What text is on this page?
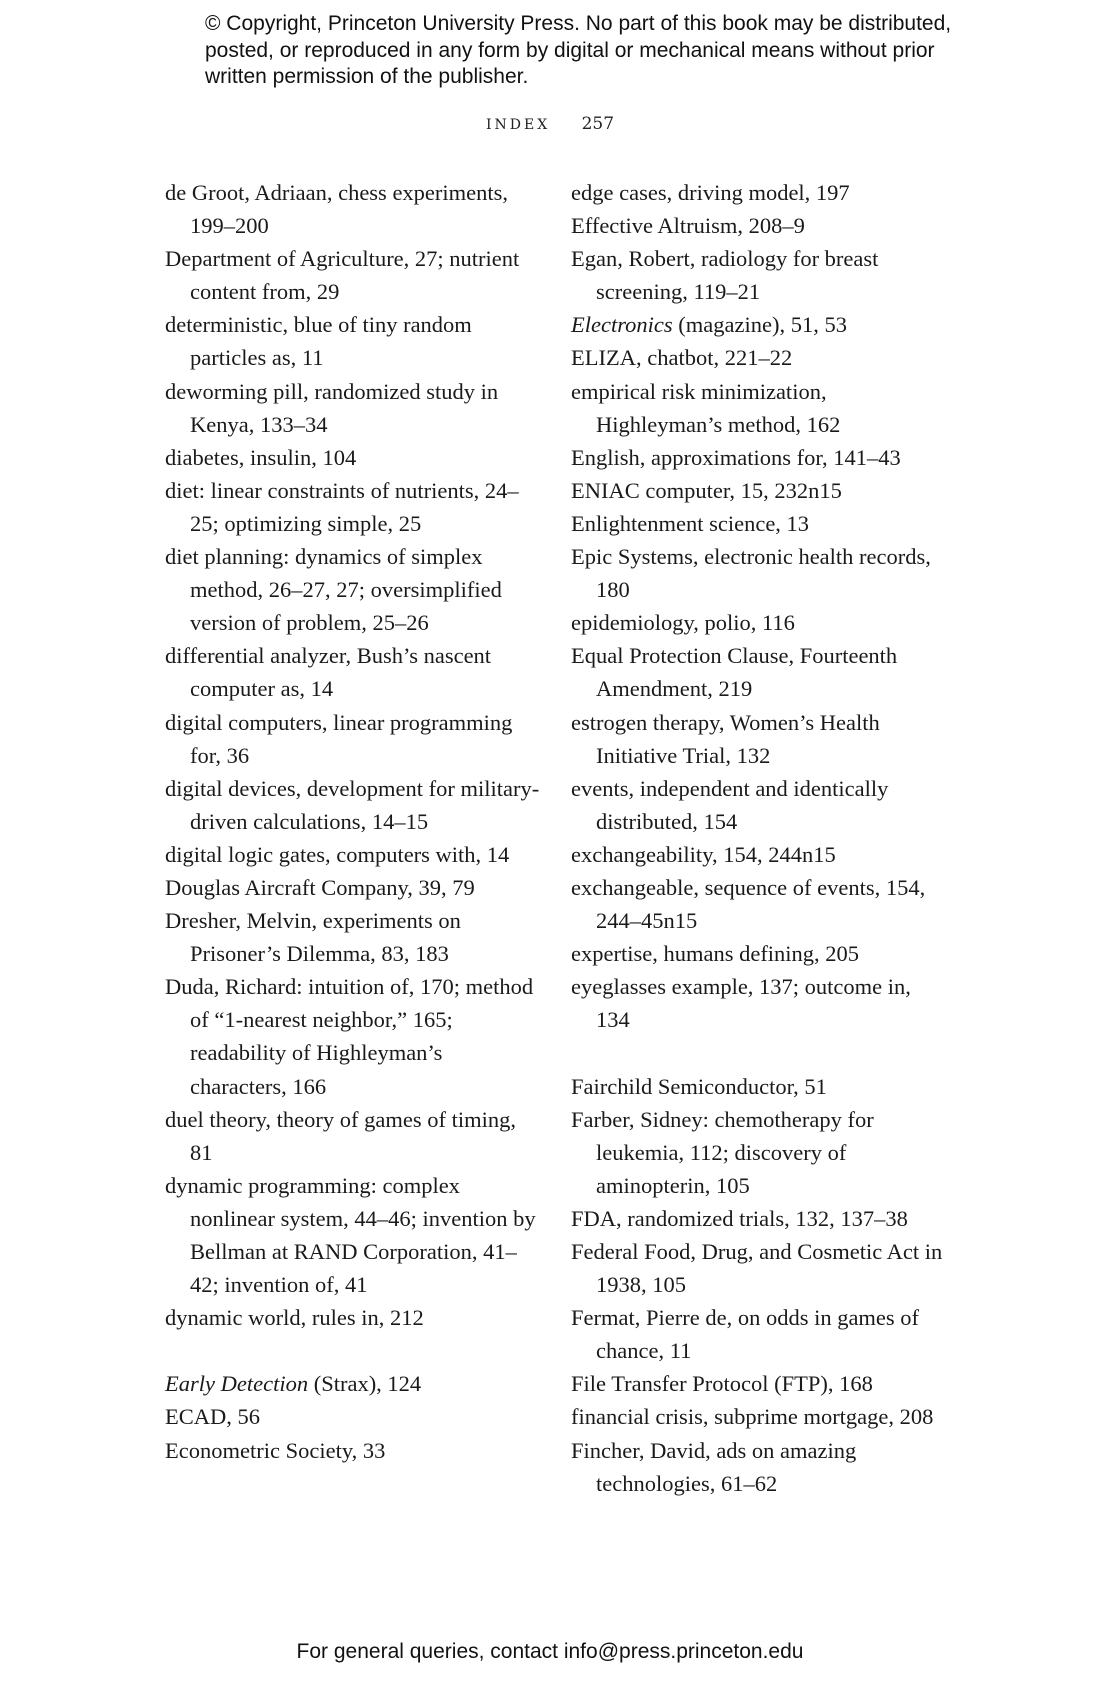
© Copyright, Princeton University Press. No part of this book may be distributed, posted, or reproduced in any form by digital or mechanical means without prior written permission of the publisher.
INDEX 257

de Groot, Adriaan, chess experiments, 199–200

Department of Agriculture, 27; nutrient content from, 29

deterministic, blue of tiny random particles as, 11

deworming pill, randomized study in Kenya, 133–34

diabetes, insulin, 104

diet: linear constraints of nutrients, 24–25; optimizing simple, 25

diet planning: dynamics of simplex method, 26–27, 27; oversimplified version of problem, 25–26

differential analyzer, Bush’s nascent computer as, 14

digital computers, linear programming for, 36

digital devices, development for military-driven calculations, 14–15

digital logic gates, computers with, 14

Douglas Aircraft Company, 39, 79

Dresher, Melvin, experiments on Prisoner’s Dilemma, 83, 183

Duda, Richard: intuition of, 170; method of “1-nearest neighbor,” 165; readability of Highleyman’s characters, 166

duel theory, theory of games of timing, 81

dynamic programming: complex nonlinear system, 44–46; invention by Bellman at RAND Corporation, 41–42; invention of, 41

dynamic world, rules in, 212

Early Detection (Strax), 124

ECAD, 56

Econometric Society, 33

edge cases, driving model, 197

Effective Altruism, 208–9

Egan, Robert, radiology for breast screening, 119–21

Electronics (magazine), 51, 53

ELIZA, chatbot, 221–22

empirical risk minimization, Highleyman’s method, 162

English, approximations for, 141–43

ENIAC computer, 15, 232n15

Enlightenment science, 13

Epic Systems, electronic health records, 180

epidemiology, polio, 116

Equal Protection Clause, Fourteenth Amendment, 219

estrogen therapy, Women’s Health Initiative Trial, 132

events, independent and identically distributed, 154

exchangeability, 154, 244n15

exchangeable, sequence of events, 154, 244–45n15

expertise, humans defining, 205

eyeglasses example, 137; outcome in, 134

Fairchild Semiconductor, 51

Farber, Sidney: chemotherapy for leukemia, 112; discovery of aminopterin, 105

FDA, randomized trials, 132, 137–38

Federal Food, Drug, and Cosmetic Act in 1938, 105

Fermat, Pierre de, on odds in games of chance, 11

File Transfer Protocol (FTP), 168

financial crisis, subprime mortgage, 208

Fincher, David, ads on amazing technologies, 61–62

For general queries, contact info@press.princeton.edu
